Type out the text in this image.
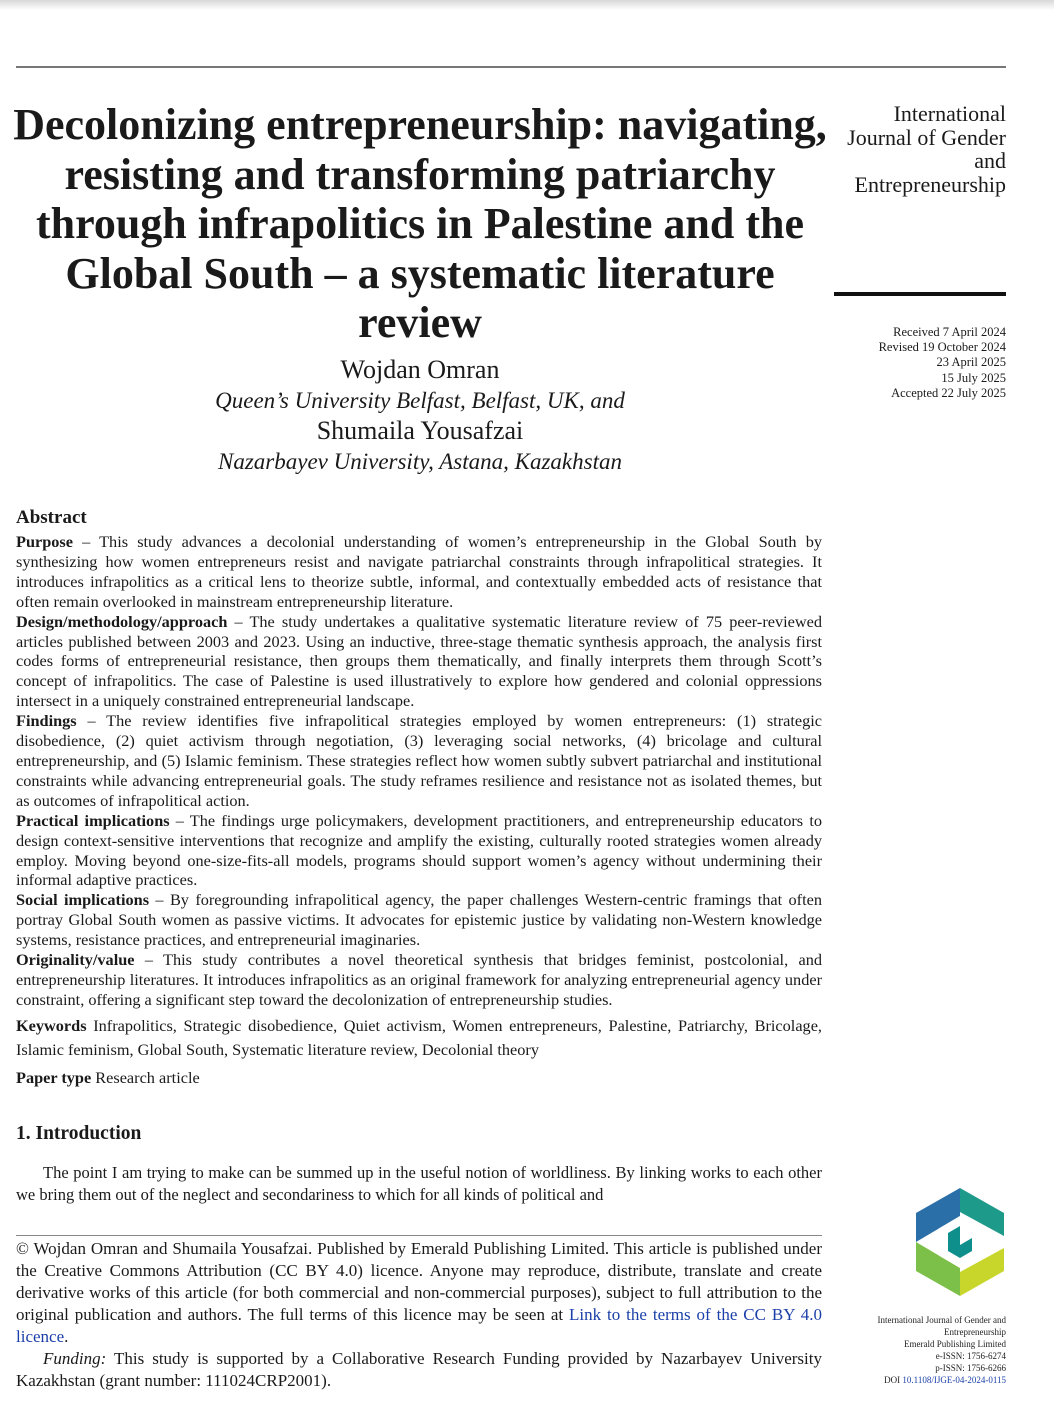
Decolonizing entrepreneurship: navigating, resisting and transforming patriarchy through infrapolitics in Palestine and the Global South – a systematic literature review
Wojdan Omran
Queen’s University Belfast, Belfast, UK, and
Shumaila Yousafzai
Nazarbayev University, Astana, Kazakhstan
International
Journal of Gender
and
Entrepreneurship
Received 7 April 2024
Revised 19 October 2024
23 April 2025
15 July 2025
Accepted 22 July 2025
Abstract

Purpose – This study advances a decolonial understanding of women’s entrepreneurship in the Global South by synthesizing how women entrepreneurs resist and navigate patriarchal constraints through infrapolitical strategies. It introduces infrapolitics as a critical lens to theorize subtle, informal, and contextually embedded acts of resistance that often remain overlooked in mainstream entrepreneurship literature.

Design/methodology/approach – The study undertakes a qualitative systematic literature review of 75 peer-reviewed articles published between 2003 and 2023. Using an inductive, three-stage thematic synthesis approach, the analysis first codes forms of entrepreneurial resistance, then groups them thematically, and finally interprets them through Scott’s concept of infrapolitics. The case of Palestine is used illustratively to explore how gendered and colonial oppressions intersect in a uniquely constrained entrepreneurial landscape.

Findings – The review identifies five infrapolitical strategies employed by women entrepreneurs: (1) strategic disobedience, (2) quiet activism through negotiation, (3) leveraging social networks, (4) bricolage and cultural entrepreneurship, and (5) Islamic feminism. These strategies reflect how women subtly subvert patriarchal and institutional constraints while advancing entrepreneurial goals. The study reframes resilience and resistance not as isolated themes, but as outcomes of infrapolitical action.

Practical implications – The findings urge policymakers, development practitioners, and entrepreneurship educators to design context-sensitive interventions that recognize and amplify the existing, culturally rooted strategies women already employ. Moving beyond one-size-fits-all models, programs should support women’s agency without undermining their informal adaptive practices.

Social implications – By foregrounding infrapolitical agency, the paper challenges Western-centric framings that often portray Global South women as passive victims. It advocates for epistemic justice by validating non-Western knowledge systems, resistance practices, and entrepreneurial imaginaries.

Originality/value – This study contributes a novel theoretical synthesis that bridges feminist, postcolonial, and entrepreneurship literatures. It introduces infrapolitics as an original framework for analyzing entrepreneurial agency under constraint, offering a significant step toward the decolonization of entrepreneurship studies.

Keywords Infrapolitics, Strategic disobedience, Quiet activism, Women entrepreneurs, Palestine, Patriarchy, Bricolage, Islamic feminism, Global South, Systematic literature review, Decolonial theory

Paper type Research article

1. Introduction
The point I am trying to make can be summed up in the useful notion of worldliness. By linking works to each other we bring them out of the neglect and secondariness to which for all kinds of political and

© Wojdan Omran and Shumaila Yousafzai. Published by Emerald Publishing Limited. This article is published under the Creative Commons Attribution (CC BY 4.0) licence. Anyone may reproduce, distribute, translate and create derivative works of this article (for both commercial and non-commercial purposes), subject to full attribution to the original publication and authors. The full terms of this licence may be seen at Link to the terms of the CC BY 4.0 licence.

Funding: This study is supported by a Collaborative Research Funding provided by Nazarbayev University Kazakhstan (grant number: 111024CRP2001).

International Journal of Gender and
Entrepreneurship
Emerald Publishing Limited
e-ISSN: 1756-6274
p-ISSN: 1756-6266
DOI 10.1108/IJGE-04-2024-0115
